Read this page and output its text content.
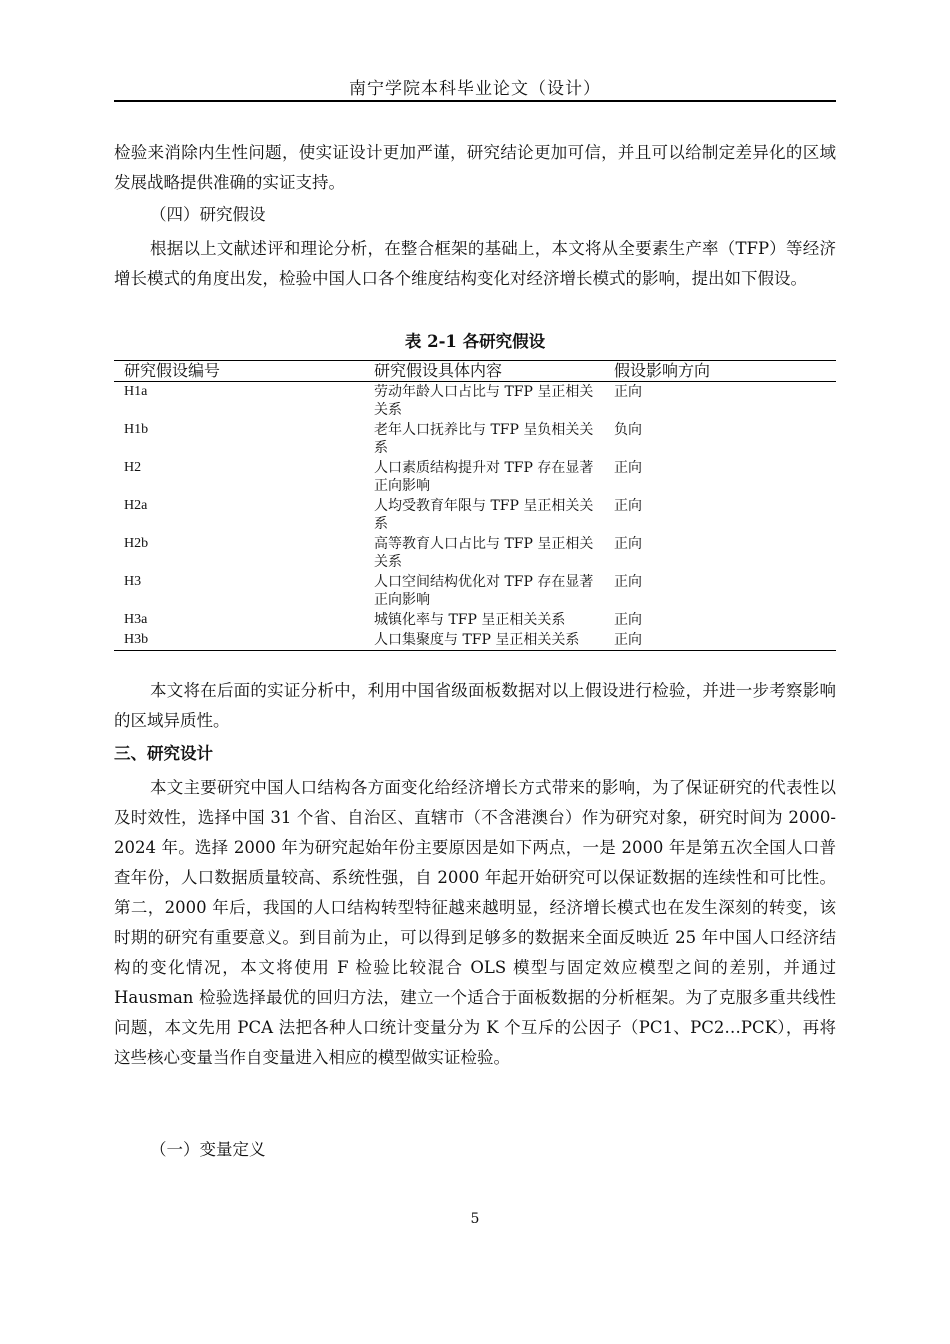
南宁学院本科毕业论文（设计）
检验来消除内生性问题，使实证设计更加严谨，研究结论更加可信，并且可以给制定差异化的区域发展战略提供准确的实证支持。
（四）研究假设
根据以上文献述评和理论分析，在整合框架的基础上，本文将从全要素生产率（TFP）等经济增长模式的角度出发，检验中国人口各个维度结构变化对经济增长模式的影响，提出如下假设。
表 2-1 各研究假设
研究假设编号	研究假设具体内容	假设影响方向
H1a	劳动年龄人口占比与 TFP 呈正相关关系	正向
H1b	老年人口抚养比与 TFP 呈负相关关系	负向
H2	人口素质结构提升对 TFP 存在显著正向影响	正向
H2a	人均受教育年限与 TFP 呈正相关关系	正向
H2b	高等教育人口占比与 TFP 呈正相关关系	正向
H3	人口空间结构优化对 TFP 存在显著正向影响	正向
H3a	城镇化率与 TFP 呈正相关关系	正向
H3b	人口集聚度与 TFP 呈正相关关系	正向
本文将在后面的实证分析中，利用中国省级面板数据对以上假设进行检验，并进一步考察影响的区域异质性。
三、研究设计
本文主要研究中国人口结构各方面变化给经济增长方式带来的影响，为了保证研究的代表性以及时效性，选择中国 31 个省、自治区、直辖市（不含港澳台）作为研究对象，研究时间为 2000-2024 年。选择 2000 年为研究起始年份主要原因是如下两点，一是 2000 年是第五次全国人口普查年份，人口数据质量较高、系统性强，自 2000 年起开始研究可以保证数据的连续性和可比性。第二，2000 年后，我国的人口结构转型特征越来越明显，经济增长模式也在发生深刻的转变，该时期的研究有重要意义。到目前为止，可以得到足够多的数据来全面反映近 25 年中国人口经济结构的变化情况，本文将使用 F 检验比较混合 OLS 模型与固定效应模型之间的差别，并通过 Hausman 检验选择最优的回归方法，建立一个适合于面板数据的分析框架。为了克服多重共线性问题，本文先用 PCA 法把各种人口统计变量分为 K 个互斥的公因子（PC1、PC2…PCK），再将这些核心变量当作自变量进入相应的模型做实证检验。
（一）变量定义
5
